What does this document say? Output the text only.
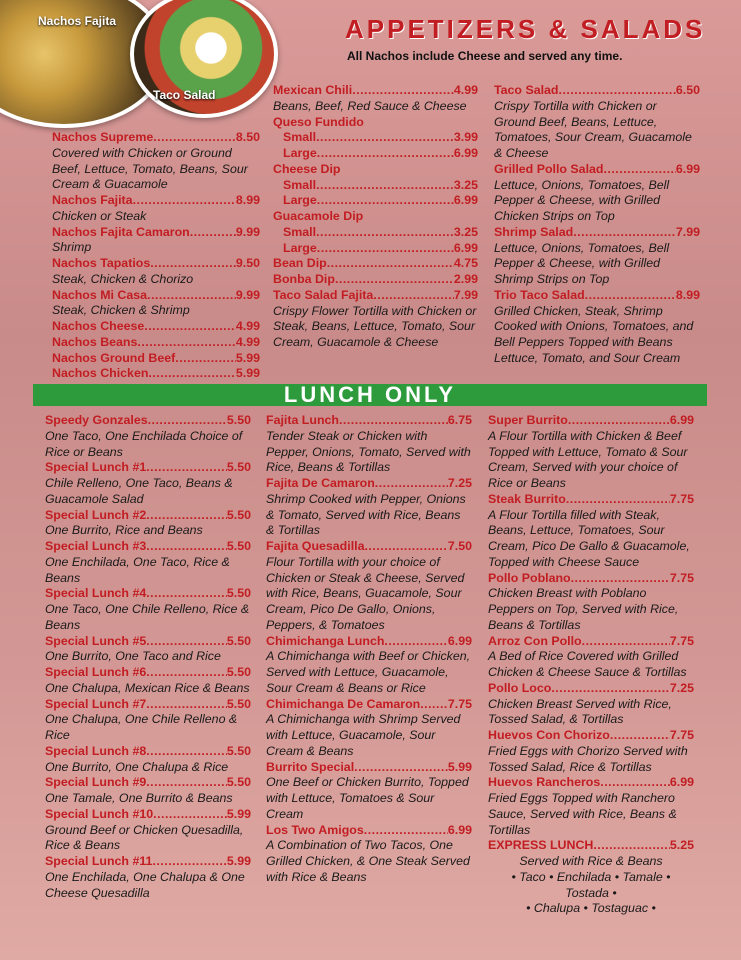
Nachos Fajita
Taco Salad
APPETIZERS & SALADS
All Nachos include Cheese and served any time.
Nachos Supreme .....	8.50
Covered with Chicken or Ground Beef, Lettuce, Tomato, Beans, Sour Cream & Guacamole
Nachos Fajita .....	8.99
Chicken or Steak
Nachos Fajita Camaron .....	9.99
Shrimp
Nachos Tapatios .....	9.50
Steak, Chicken & Chorizo
Nachos Mi Casa .....	9.99
Steak, Chicken & Shrimp
Nachos Cheese .....	4.99
Nachos Beans .....	4.99
Nachos Ground Beef .....	5.99
Nachos Chicken .....	5.99
Mexican Chili .....	4.99
Beans, Beef, Red Sauce & Cheese
Queso Fundido
Small .....	3.99
Large .....	6.99
Cheese Dip
Small .....	3.25
Large .....	6.99
Guacamole Dip
Small .....	3.25
Large .....	6.99
Bean Dip .....	4.75
Bonba Dip .....	2.99
Taco Salad Fajita .....	7.99
Crispy Flower Tortilla with Chicken or Steak, Beans, Lettuce, Tomato, Sour Cream, Guacamole & Cheese
Taco Salad .....	6.50
Crispy Tortilla with Chicken or Ground Beef, Beans, Lettuce, Tomatoes, Sour Cream, Guacamole & Cheese
Grilled Pollo Salad .....	6.99
Lettuce, Onions, Tomatoes, Bell Pepper & Cheese, with Grilled Chicken Strips on Top
Shrimp Salad .....	7.99
Lettuce, Onions, Tomatoes, Bell Pepper & Cheese, with Grilled Shrimp Strips on Top
Trio Taco Salad .....	8.99
Grilled Chicken, Steak, Shrimp Cooked with Onions, Tomatoes, and Bell Peppers Topped with Beans Lettuce, Tomato, and Sour Cream
LUNCH ONLY
Speedy Gonzales .....	5.50
One Taco, One Enchilada Choice of Rice or Beans
Special Lunch #1 .....	5.50
Chile Relleno, One Taco, Beans & Guacamole Salad
Special Lunch #2 .....	5.50
One Burrito, Rice and Beans
Special Lunch #3 .....	5.50
One Enchilada, One Taco, Rice & Beans
Special Lunch #4 .....	5.50
One Taco, One Chile Relleno, Rice & Beans
Special Lunch #5 .....	5.50
One Burrito, One Taco and Rice
Special Lunch #6 .....	5.50
One Chalupa, Mexican Rice & Beans
Special Lunch #7 .....	5.50
One Chalupa, One Chile Relleno & Rice
Special Lunch #8 .....	5.50
One Burrito, One Chalupa & Rice
Special Lunch #9 .....	5.50
One Tamale, One Burrito & Beans
Special Lunch #10 .....	5.99
Ground Beef or Chicken Quesadilla, Rice & Beans
Special Lunch #11 .....	5.99
One Enchilada, One Chalupa & One Cheese Quesadilla
Fajita Lunch .....	6.75
Tender Steak or Chicken with Pepper, Onions, Tomato, Served with Rice, Beans & Tortillas
Fajita De Camaron .....	7.25
Shrimp Cooked with Pepper, Onions & Tomato, Served with Rice, Beans & Tortillas
Fajita Quesadilla .....	7.50
Flour Tortilla with your choice of Chicken or Steak & Cheese, Served with Rice, Beans, Guacamole, Sour Cream, Pico De Gallo, Onions, Peppers, & Tomatoes
Chimichanga Lunch .....	6.99
A Chimichanga with Beef or Chicken, Served with Lettuce, Guacamole, Sour Cream & Beans or Rice
Chimichanga De Camaron ..... 7.75
A Chimichanga with Shrimp Served with Lettuce, Guacamole, Sour Cream & Beans
Burrito Special .....	5.99
One Beef or Chicken Burrito, Topped with Lettuce, Tomatoes & Sour Cream
Los Two Amigos .....	6.99
A Combination of Two Tacos, One Grilled Chicken, & One Steak Served with Rice & Beans
Super Burrito .....	6.99
A Flour Tortilla with Chicken & Beef Topped with Lettuce, Tomato & Sour Cream, Served with your choice of Rice or Beans
Steak Burrito .....	7.75
A Flour Tortilla filled with Steak, Beans, Lettuce, Tomatoes, Sour Cream, Pico De Gallo & Guacamole, Topped with Cheese Sauce
Pollo Poblano .....	7.75
Chicken Breast with Poblano Peppers on Top, Served with Rice, Beans & Tortillas
Arroz Con Pollo .....	7.75
A Bed of Rice Covered with Grilled Chicken & Cheese Sauce & Tortillas
Pollo Loco .....	7.25
Chicken Breast Served with Rice, Tossed Salad, & Tortillas
Huevos Con Chorizo .....	7.75
Fried Eggs with Chorizo Served with Tossed Salad, Rice & Tortillas
Huevos Rancheros .....	6.99
Fried Eggs Topped with Ranchero Sauce, Served with Rice, Beans & Tortillas
EXPRESS LUNCH .....	5.25
Served with Rice & Beans
• Taco • Enchilada • Tamale • Tostada •
• Chalupa • Tostaguac •
